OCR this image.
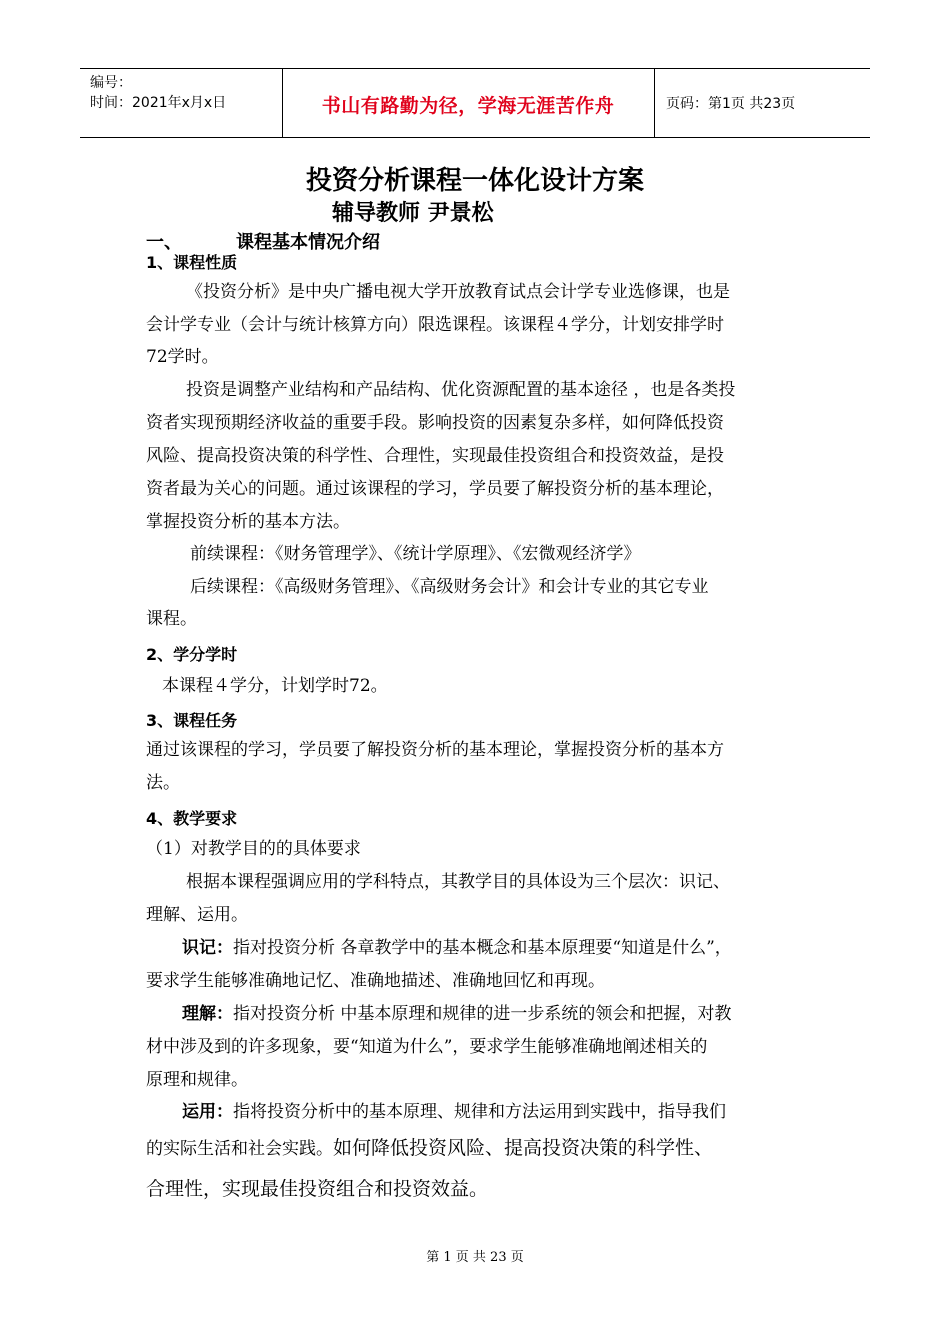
编号：
时间：2021年x月x日	书山有路勤为径，学海无涯苦作舟	页码：第1页 共23页
投资分析课程一体化设计方案
辅导教师 尹景松
一、	课程基本情况介绍
1、课程性质
《投资分析》是中央广播电视大学开放教育试点会计学专业选修课，也是
会计学专业（会计与统计核算方向）限选课程。该课程４学分，计划安排学时
72学时。
投资是调整产业结构和产品结构、优化资源配置的基本途径 ，也是各类投
资者实现预期经济收益的重要手段。影响投资的因素复杂多样，如何降低投资
风险、提高投资决策的科学性、合理性，实现最佳投资组合和投资效益，是投
资者最为关心的问题。通过该课程的学习，学员要了解投资分析的基本理论，
掌握投资分析的基本方法。
前续课程：《财务管理学》、《统计学原理》、《宏微观经济学》
后续课程：《高级财务管理》、《高级财务会计》和会计专业的其它专业
课程。
2、学分学时
本课程４学分，计划学时72。
3、课程任务
通过该课程的学习，学员要了解投资分析的基本理论，掌握投资分析的基本方
法。
4、教学要求
（1）对教学目的的具体要求
根据本课程强调应用的学科特点，其教学目的具体设为三个层次：识记、
理解、运用。
识记：指对投资分析 各章教学中的基本概念和基本原理要“知道是什么”，
要求学生能够准确地记忆、准确地描述、准确地回忆和再现。
理解：指对投资分析 中基本原理和规律的进一步系统的领会和把握，对教
材中涉及到的许多现象，要“知道为什么”，要求学生能够准确地阐述相关的
原理和规律。
运用：指将投资分析中的基本原理、规律和方法运用到实践中，指导我们
的实际生活和社会实践。如何降低投资风险、提高投资决策的科学性、
合理性，实现最佳投资组合和投资效益。
第 1 页 共 23 页
